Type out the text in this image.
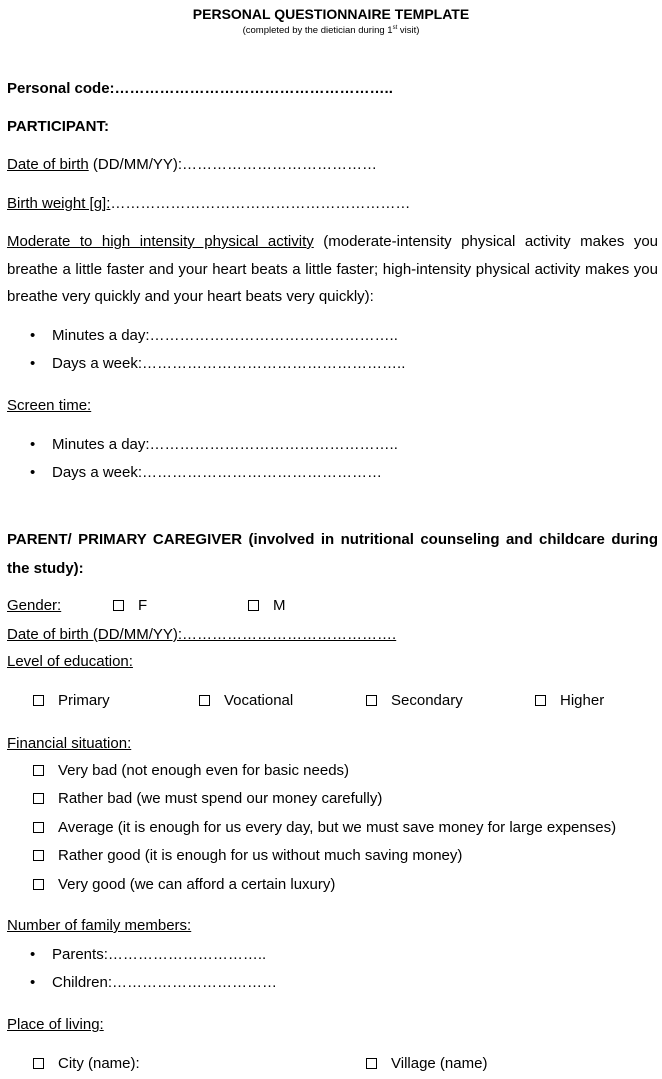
PERSONAL QUESTIONNAIRE TEMPLATE
(completed by the dietician during 1st visit)
Personal code:………………………………………………..
PARTICIPANT:
Date of birth (DD/MM/YY):…………………………………
Birth weight [g]:……………………………………………………
Moderate to high intensity physical activity (moderate-intensity physical activity makes you breathe a little faster and your heart beats a little faster; high-intensity physical activity makes you breathe very quickly and your heart beats very quickly):
• Minutes a day:…………………………………………..
• Days a week:……………………………………………..
Screen time:
• Minutes a day:…………………………………………..
• Days a week:…………………………………………
PARENT/ PRIMARY CAREGIVER (involved in nutritional counseling and childcare during the study):
Gender:	F	M
Date of birth (DD/MM/YY):…………………………………….
Level of education:
Primary	Vocational	Secondary	Higher
Financial situation:
Very bad (not enough even for basic needs)
Rather bad (we must spend our money carefully)
Average (it is enough for us every day, but we must save money for large expenses)
Rather good (it is enough for us without much saving money)
Very good (we can afford a certain luxury)
Number of family members:
• Parents:…………………………..
• Children:……………………………
Place of living:
City (name):	Village (name)
